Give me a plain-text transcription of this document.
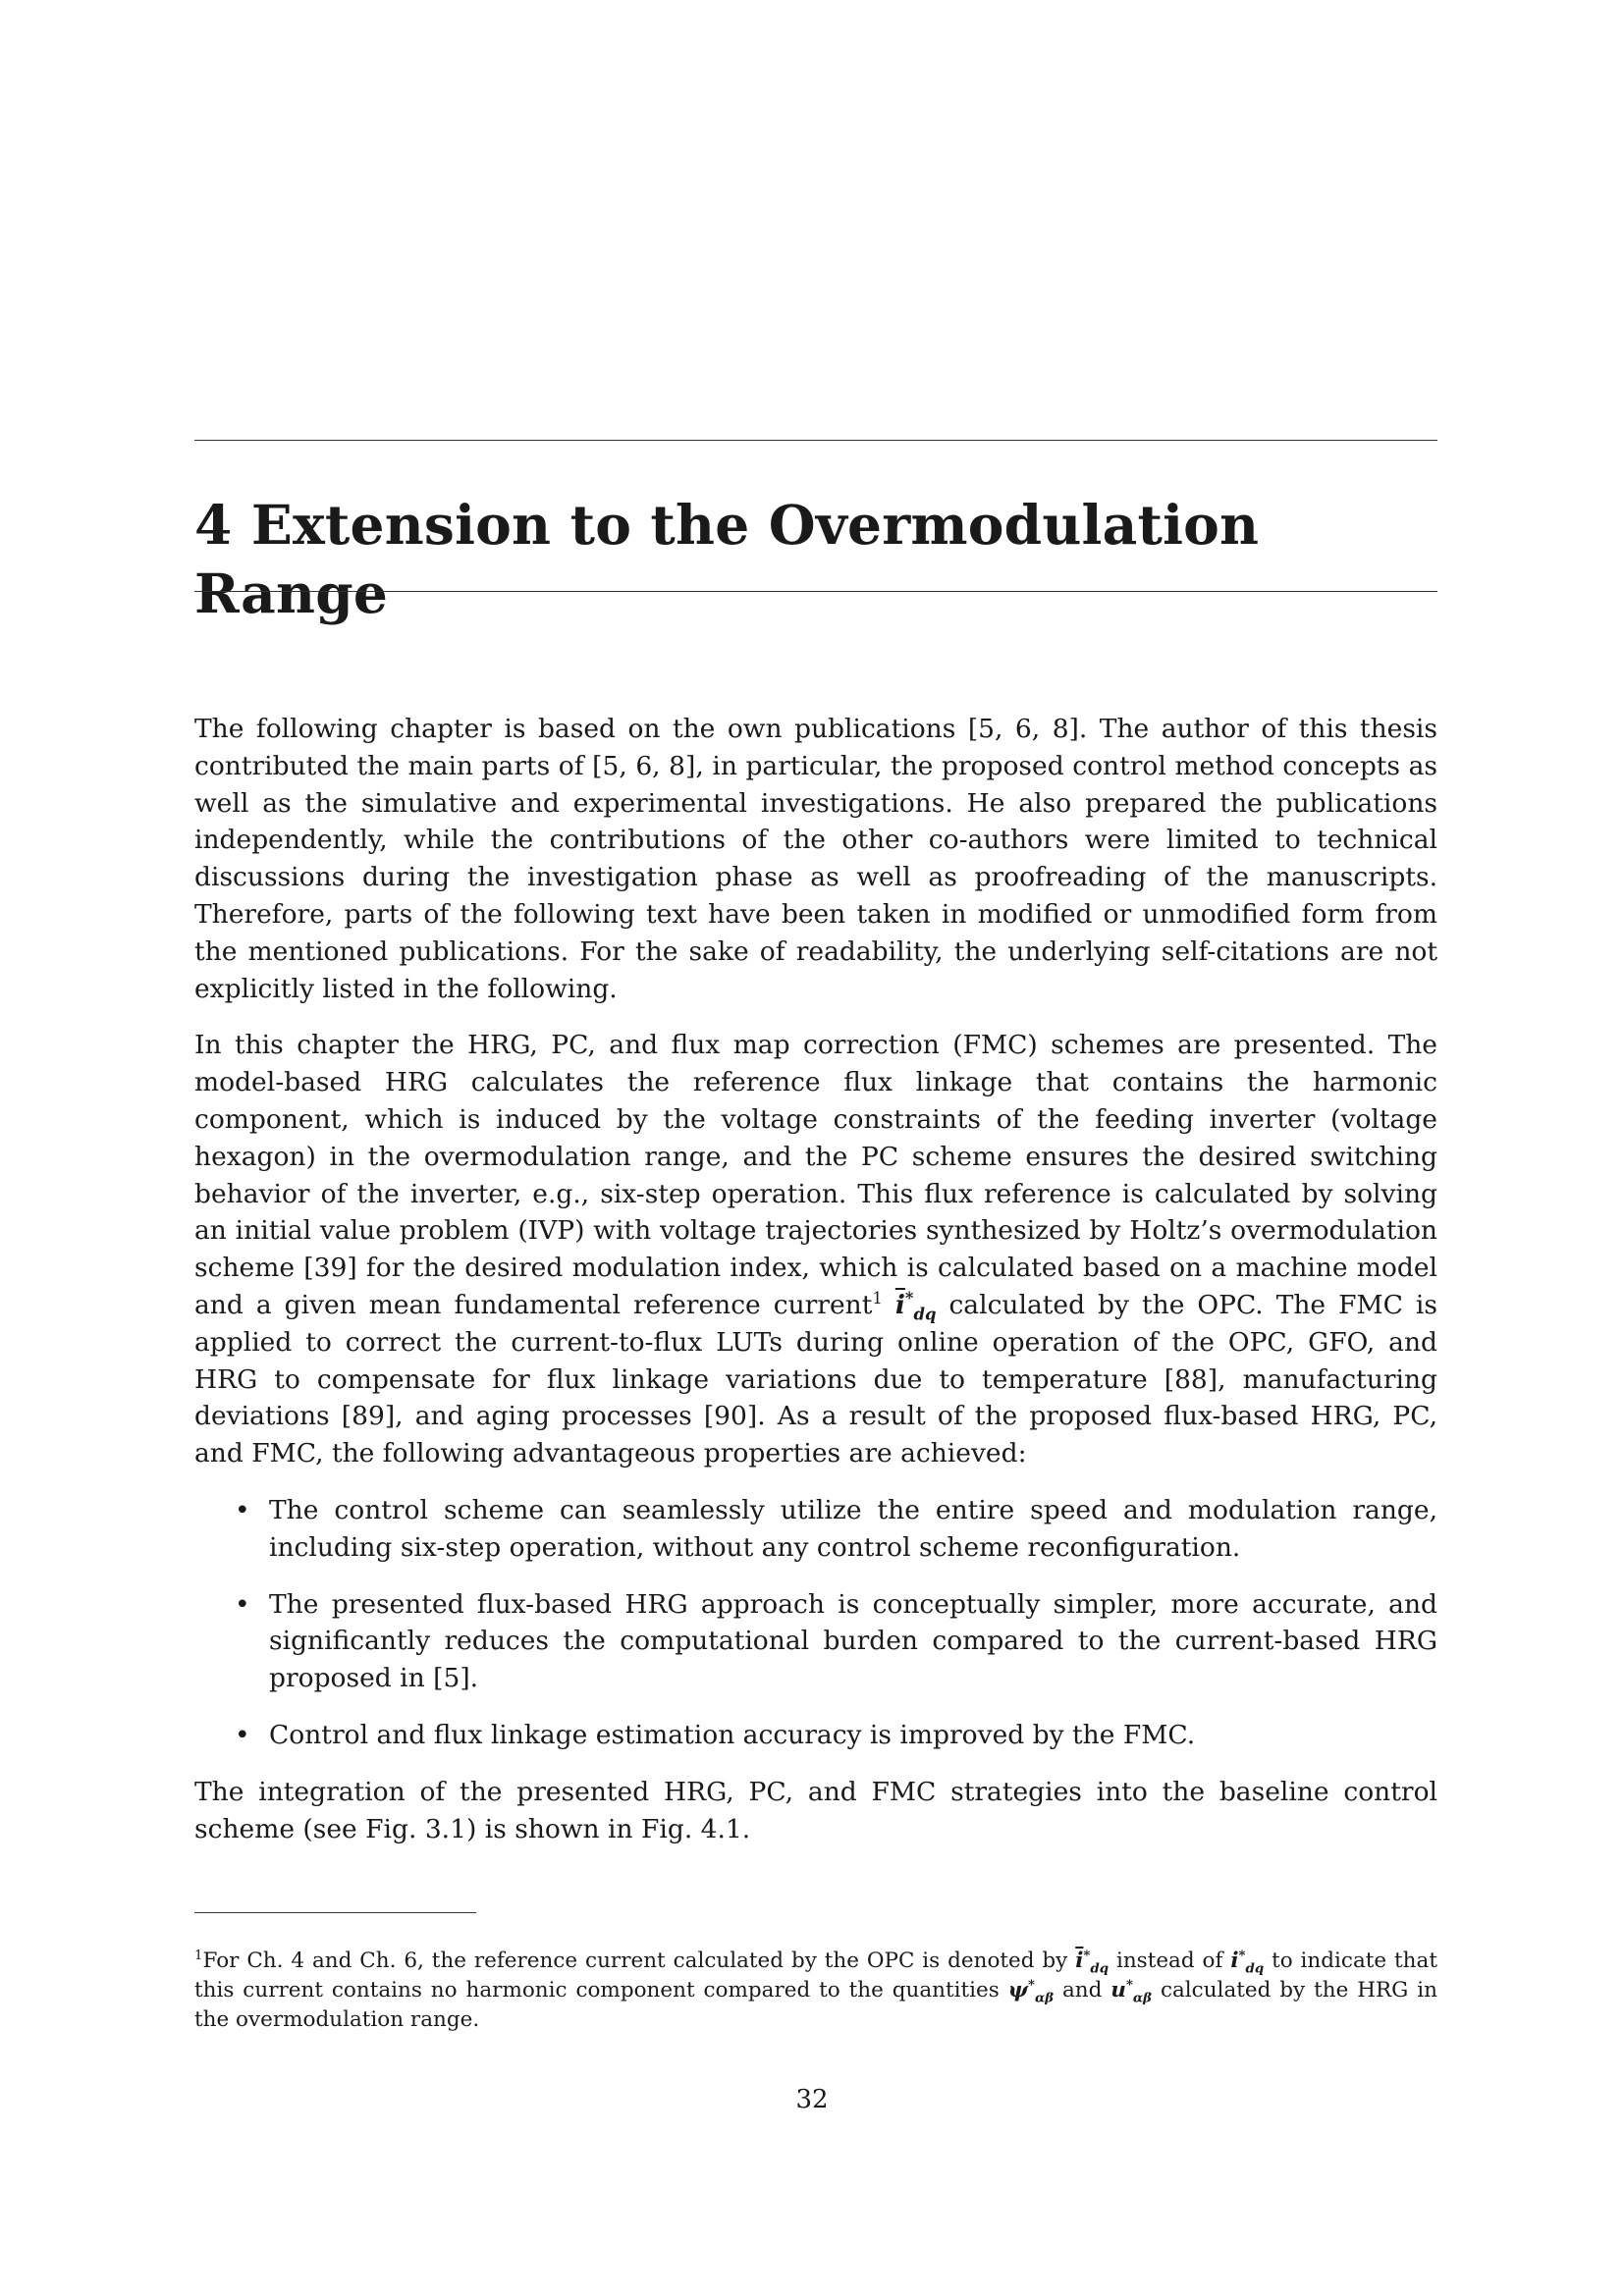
4 Extension to the Overmodulation Range

The following chapter is based on the own publications [5, 6, 8]. The author of this thesis contributed the main parts of [5, 6, 8], in particular, the proposed control method concepts as well as the simulative and experimental investigations. He also prepared the publications independently, while the contributions of the other co-authors were limited to technical discussions during the investigation phase as well as proofreading of the manuscripts. Therefore, parts of the following text have been taken in modified or unmodified form from the mentioned publications. For the sake of readability, the underlying self-citations are not explicitly listed in the following.

In this chapter the HRG, PC, and flux map correction (FMC) schemes are presented. The model-based HRG calculates the reference flux linkage that contains the harmonic component, which is induced by the voltage constraints of the feeding inverter (voltage hexagon) in the overmodulation range, and the PC scheme ensures the desired switching behavior of the inverter, e.g., six-step operation. This flux reference is calculated by solving an initial value problem (IVP) with voltage trajectories synthesized by Holtz’s overmodulation scheme [39] for the desired modulation index, which is calculated based on a machine model and a given mean fundamental reference current$^1$ $\overline{i}^*_{dq}$ calculated by the OPC. The FMC is applied to correct the current-to-flux LUTs during online operation of the OPC, GFO, and HRG to compensate for flux linkage variations due to temperature [88], manufacturing deviations [89], and aging processes [90]. As a result of the proposed flux-based HRG, PC, and FMC, the following advantageous properties are achieved:

• The control scheme can seamlessly utilize the entire speed and modulation range, including six-step operation, without any control scheme reconfiguration.
• The presented flux-based HRG approach is conceptually simpler, more accurate, and significantly reduces the computational burden compared to the current-based HRG proposed in [5].
• Control and flux linkage estimation accuracy is improved by the FMC.

The integration of the presented HRG, PC, and FMC strategies into the baseline control scheme (see Fig. 3.1) is shown in Fig. 4.1.

$^1$For Ch. 4 and Ch. 6, the reference current calculated by the OPC is denoted by $\overline{i}^*_{dq}$ instead of $i^*_{dq}$ to indicate that this current contains no harmonic component compared to the quantities $\psi^*_{\alpha\beta}$ and $u^*_{\alpha\beta}$ calculated by the HRG in the overmodulation range.

32
